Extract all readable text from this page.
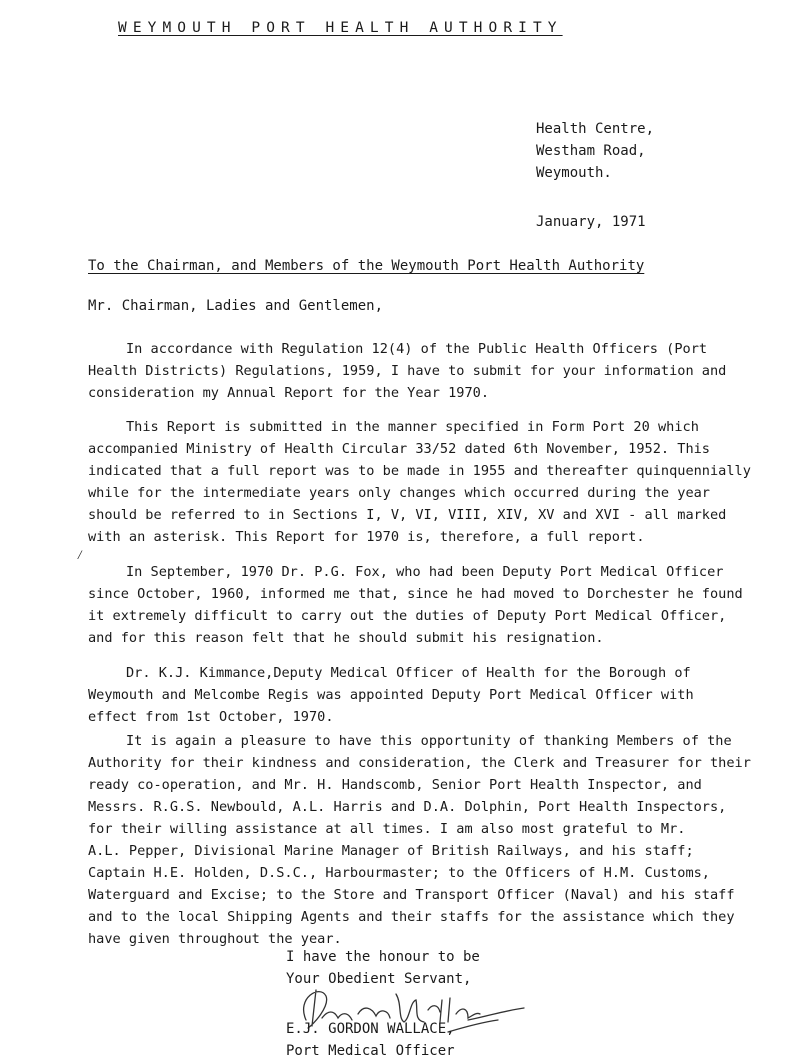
WEYMOUTH PORT HEALTH AUTHORITY
Health Centre,
Westham Road,
Weymouth.
January, 1971
To the Chairman, and Members of the Weymouth Port Health Authority
Mr. Chairman, Ladies and Gentlemen,
In accordance with Regulation 12(4) of the Public Health Officers (Port
Health Districts) Regulations, 1959, I have to submit for your information and
consideration my Annual Report for the Year 1970.
This Report is submitted in the manner specified in Form Port 20 which
accompanied Ministry of Health Circular 33/52 dated 6th November, 1952. This
indicated that a full report was to be made in 1955 and thereafter quinquennially
while for the intermediate years only changes which occurred during the year
should be referred to in Sections I, V, VI, VIII, XIV, XV and XVI - all marked
with an asterisk. This Report for 1970 is, therefore, a full report.
⁄
In September, 1970 Dr. P.G. Fox, who had been Deputy Port Medical Officer
since October, 1960, informed me that, since he had moved to Dorchester he found
it extremely difficult to carry out the duties of Deputy Port Medical Officer,
and for this reason felt that he should submit his resignation.
Dr. K.J. Kimmance,Deputy Medical Officer of Health for the Borough of
Weymouth and Melcombe Regis was appointed Deputy Port Medical Officer with
effect from 1st October, 1970.
It is again a pleasure to have this opportunity of thanking Members of the
Authority for their kindness and consideration, the Clerk and Treasurer for their
ready co-operation, and Mr. H. Handscomb, Senior Port Health Inspector, and
Messrs. R.G.S. Newbould, A.L. Harris and D.A. Dolphin, Port Health Inspectors,
for their willing assistance at all times. I am also most grateful to Mr.
A.L. Pepper, Divisional Marine Manager of British Railways, and his staff;
Captain H.E. Holden, D.S.C., Harbourmaster; to the Officers of H.M. Customs,
Waterguard and Excise; to the Store and Transport Officer (Naval) and his staff
and to the local Shipping Agents and their staffs for the assistance which they
have given throughout the year.
I have the honour to be
Your Obedient Servant,
E.J. GORDON WALLACE,
Port Medical Officer
